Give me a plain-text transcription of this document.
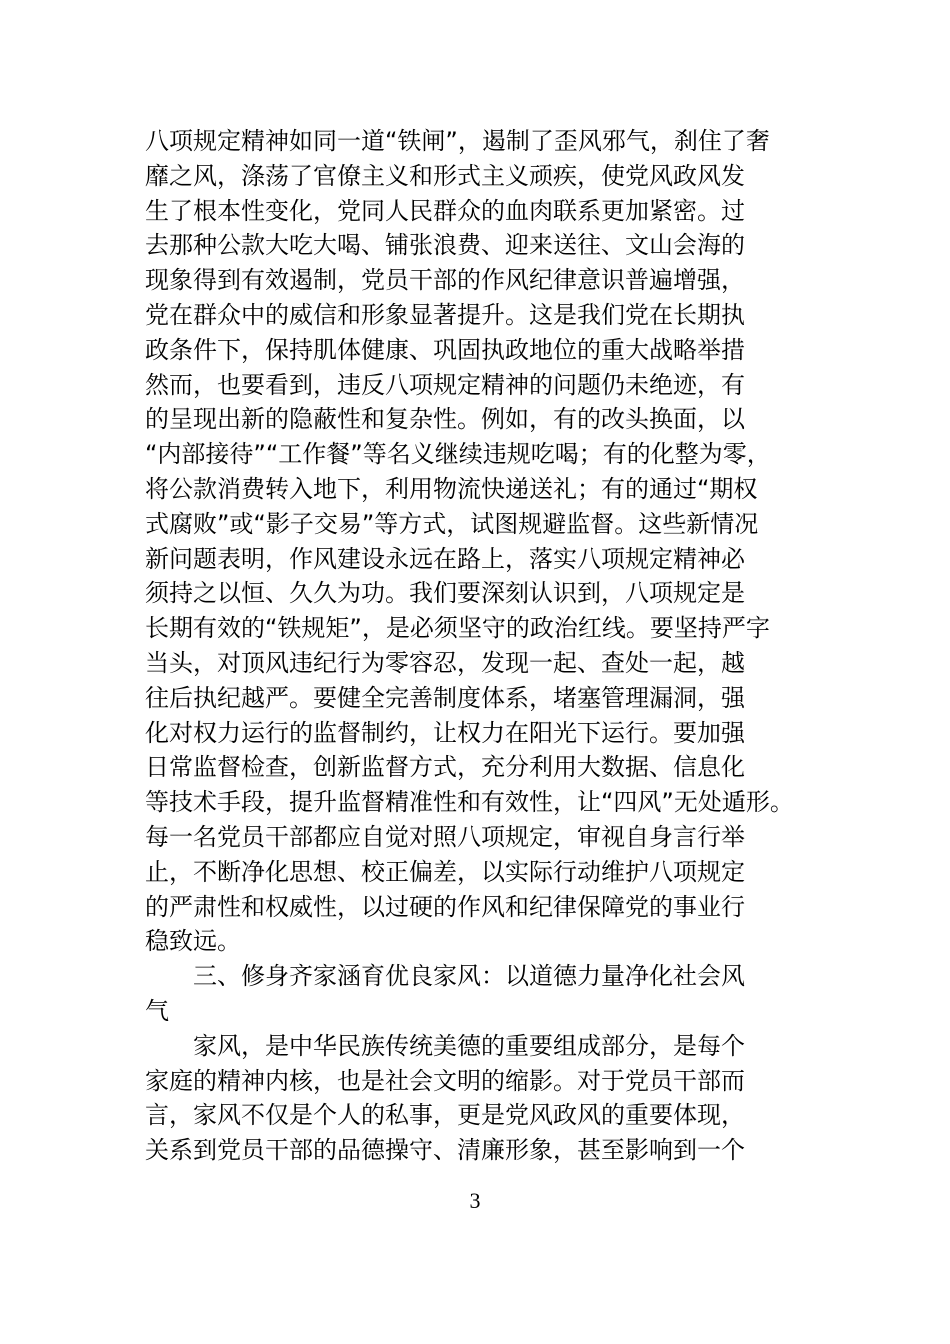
八项规定精神如同一道“铁闸”，遏制了歪风邪气，刹住了奢
靡之风，涤荡了官僚主义和形式主义顽疾，使党风政风发
生了根本性变化，党同人民群众的血肉联系更加紧密。过
去那种公款大吃大喝、铺张浪费、迎来送往、文山会海的
现象得到有效遏制，党员干部的作风纪律意识普遍增强，
党在群众中的威信和形象显著提升。这是我们党在长期执
政条件下，保持肌体健康、巩固执政地位的重大战略举措
然而，也要看到，违反八项规定精神的问题仍未绝迹，有
的呈现出新的隐蔽性和复杂性。例如，有的改头换面，以
“内部接待”“工作餐”等名义继续违规吃喝；有的化整为零，
将公款消费转入地下，利用物流快递送礼；有的通过“期权
式腐败”或“影子交易”等方式，试图规避监督。这些新情况
新问题表明，作风建设永远在路上，落实八项规定精神必
须持之以恒、久久为功。我们要深刻认识到，八项规定是
长期有效的“铁规矩”，是必须坚守的政治红线。要坚持严字
当头，对顶风违纪行为零容忍，发现一起、查处一起，越
往后执纪越严。要健全完善制度体系，堵塞管理漏洞，强
化对权力运行的监督制约，让权力在阳光下运行。要加强
日常监督检查，创新监督方式，充分利用大数据、信息化
等技术手段，提升监督精准性和有效性，让“四风”无处遁形。
每一名党员干部都应自觉对照八项规定，审视自身言行举
止，不断净化思想、校正偏差，以实际行动维护八项规定
的严肃性和权威性，以过硬的作风和纪律保障党的事业行
稳致远。
三、修身齐家涵育优良家风：以道德力量净化社会风
气
家风，是中华民族传统美德的重要组成部分，是每个
家庭的精神内核，也是社会文明的缩影。对于党员干部而
言，家风不仅是个人的私事，更是党风政风的重要体现，
关系到党员干部的品德操守、清廉形象，甚至影响到一个
3
